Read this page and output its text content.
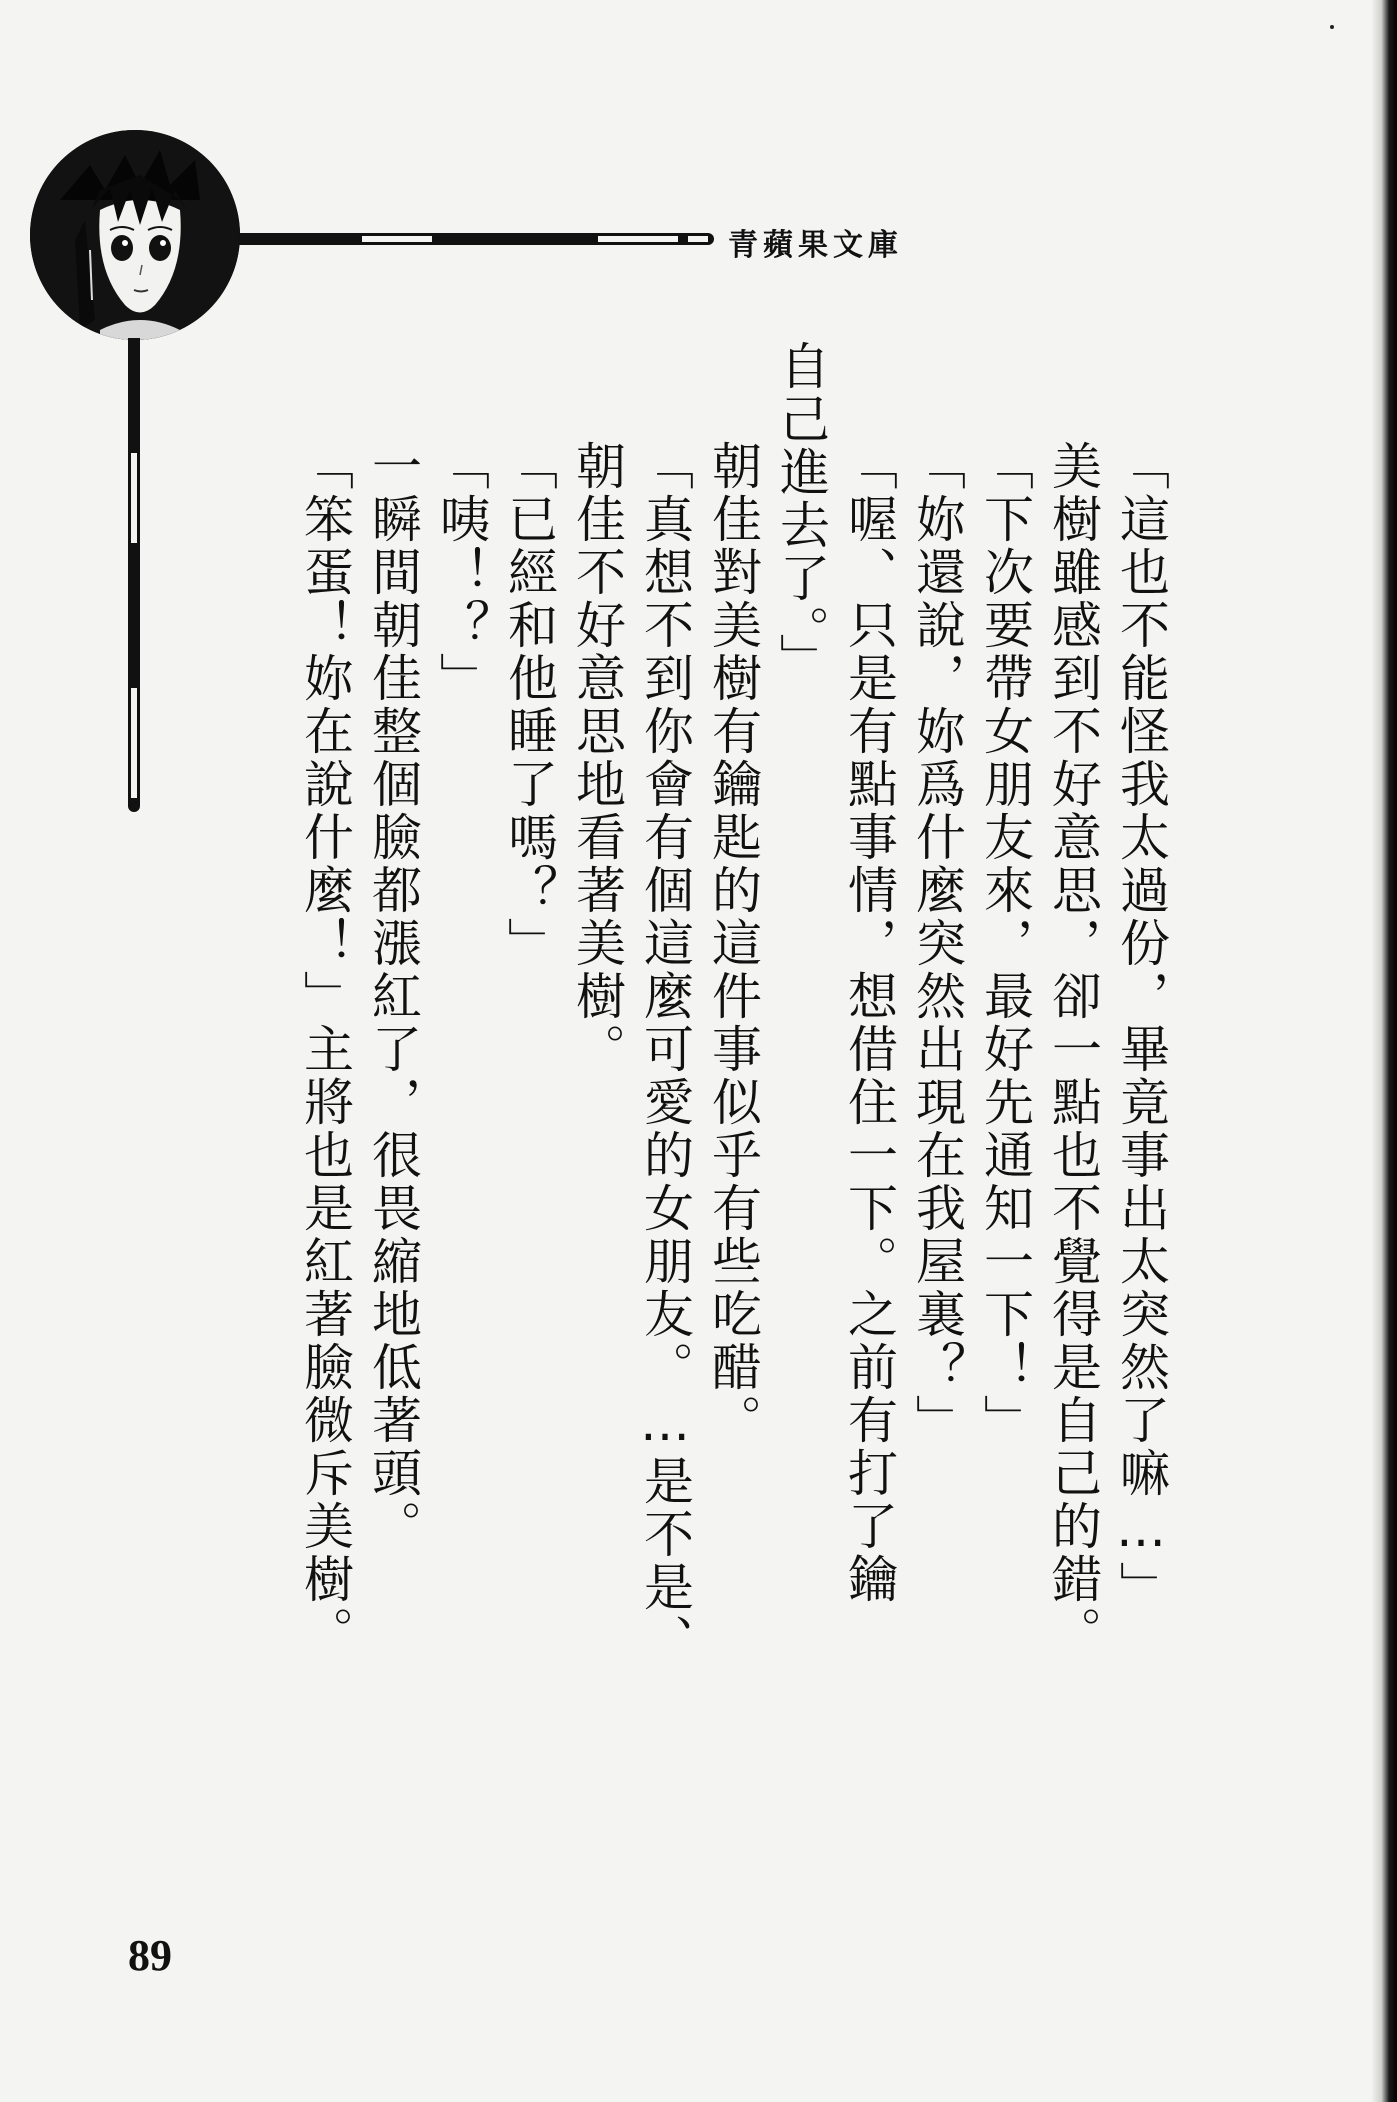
青蘋果文庫
「這也不能怪我太過份，畢竟事出太突然了嘛…」
美樹雖感到不好意思，卻一點也不覺得是自己的錯。
「下次要帶女朋友來，最好先通知一下！」
「妳還說，妳爲什麼突然出現在我屋裏？」
「喔、只是有點事情，想借住一下。之前有打了鑰
自己進去了。」
朝佳對美樹有鑰匙的這件事似乎有些吃醋。
「真想不到你會有個這麼可愛的女朋友。…是不是、
朝佳不好意思地看著美樹。
「已經和他睡了嗎？」
「咦！？」
一瞬間朝佳整個臉都漲紅了，很畏縮地低著頭。
「笨蛋！妳在說什麼！」主將也是紅著臉微斥美樹。
89
